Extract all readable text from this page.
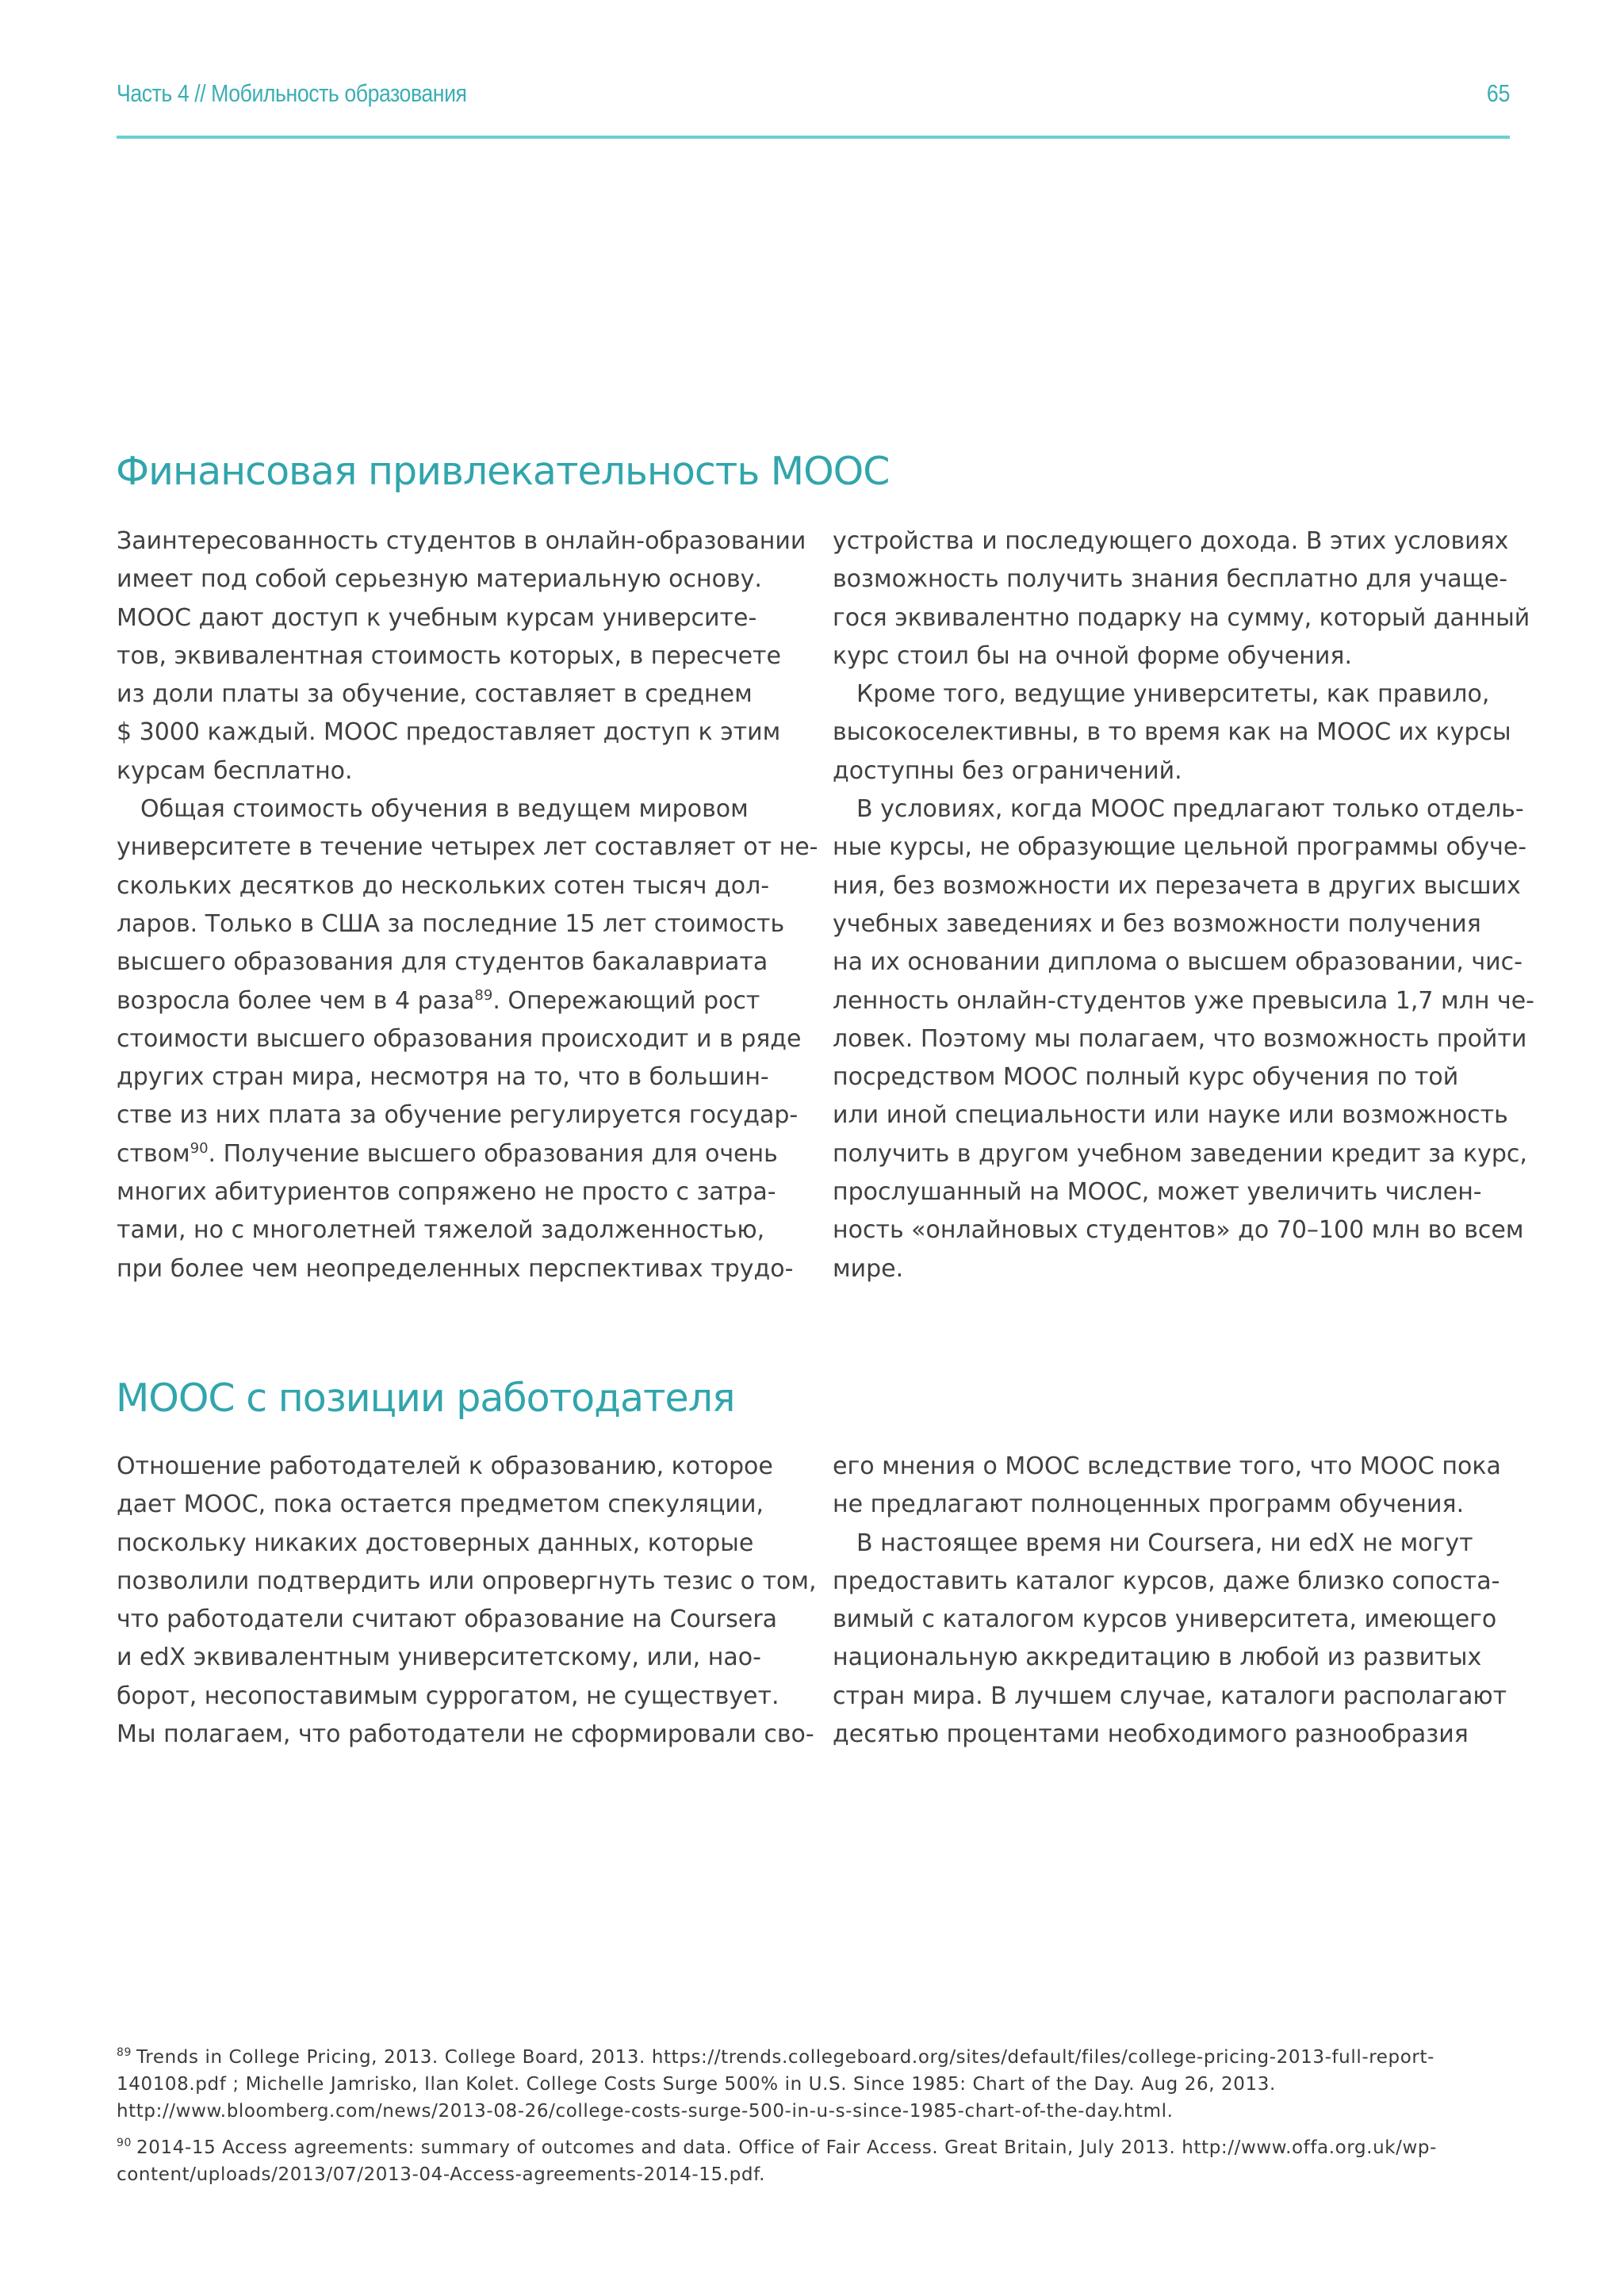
Часть 4 // Мобильность образования	65
Финансовая привлекательность MOOC

Заинтересованность студентов в онлайн-образовании
имеет под собой серьезную материальную основу.
MOOC дают доступ к учебным курсам университе-
тов, эквивалентная стоимость которых, в пересчете
из доли платы за обучение, составляет в среднем
$ 3000 каждый. MOOC предоставляет доступ к этим
курсам бесплатно.

Общая стоимость обучения в ведущем мировом
университете в течение четырех лет составляет от не-
скольких десятков до нескольких сотен тысяч дол-
ларов. Только в США за последние 15 лет стоимость
высшего образования для студентов бакалавриата
возросла более чем в 4 раза$^{89}$. Опережающий рост
стоимости высшего образования происходит и в ряде
других стран мира, несмотря на то, что в большин-
стве из них плата за обучение регулируется государ-
ством$^{90}$. Получение высшего образования для очень
многих абитуриентов сопряжено не просто с затра-
тами, но с многолетней тяжелой задолженностью,
при более чем неопределенных перспективах трудо-

устройства и последующего дохода. В этих условиях
возможность получить знания бесплатно для учаще-
гося эквивалентно подарку на сумму, который данный
курс стоил бы на очной форме обучения.

Кроме того, ведущие университеты, как правило,
высокоселективны, в то время как на MOOC их курсы
доступны без ограничений.

В условиях, когда MOOC предлагают только отдель-
ные курсы, не образующие цельной программы обуче-
ния, без возможности их перезачета в других высших
учебных заведениях и без возможности получения
на их основании диплома о высшем образовании, чис-
ленность онлайн-студентов уже превысила 1,7 млн че-
ловек. Поэтому мы полагаем, что возможность пройти
посредством MOOC полный курс обучения по той
или иной специальности или науке или возможность
получить в другом учебном заведении кредит за курс,
прослушанный на MOOC, может увеличить числен-
ность «онлайновых студентов» до 70–100 млн во всем
мире.

MOOC с позиции работодателя

Отношение работодателей к образованию, которое
дает MOOC, пока остается предметом спекуляции,
поскольку никаких достоверных данных, которые
позволили подтвердить или опровергнуть тезис о том,
что работодатели считают образование на Coursera
и edX эквивалентным университетскому, или, нао-
борот, несопоставимым суррогатом, не существует.
Мы полагаем, что работодатели не сформировали сво-

его мнения о MOOC вследствие того, что MOOC пока
не предлагают полноценных программ обучения.

В настоящее время ни Coursera, ни edX не могут
предоставить каталог курсов, даже близко сопоста-
вимый с каталогом курсов университета, имеющего
национальную аккредитацию в любой из развитых
стран мира. В лучшем случае, каталоги располагают
десятью процентами необходимого разнообразия

$^{89}$ Trends in College Pricing, 2013. College Board, 2013. https://trends.collegeboard.org/sites/default/files/college-pricing-2013-full-report-140108.pdf ; Michelle Jamrisko, Ilan Kolet. College Costs Surge 500% in U.S. Since 1985: Chart of the Day. Aug 26, 2013. http://www.bloomberg.com/news/2013-08-26/college-costs-surge-500-in-u-s-since-1985-chart-of-the-day.html.

$^{90}$ 2014-15 Access agreements: summary of outcomes and data. Office of Fair Access. Great Britain, July 2013. http://www.offa.org.uk/wp-content/uploads/2013/07/2013-04-Access-agreements-2014-15.pdf.
